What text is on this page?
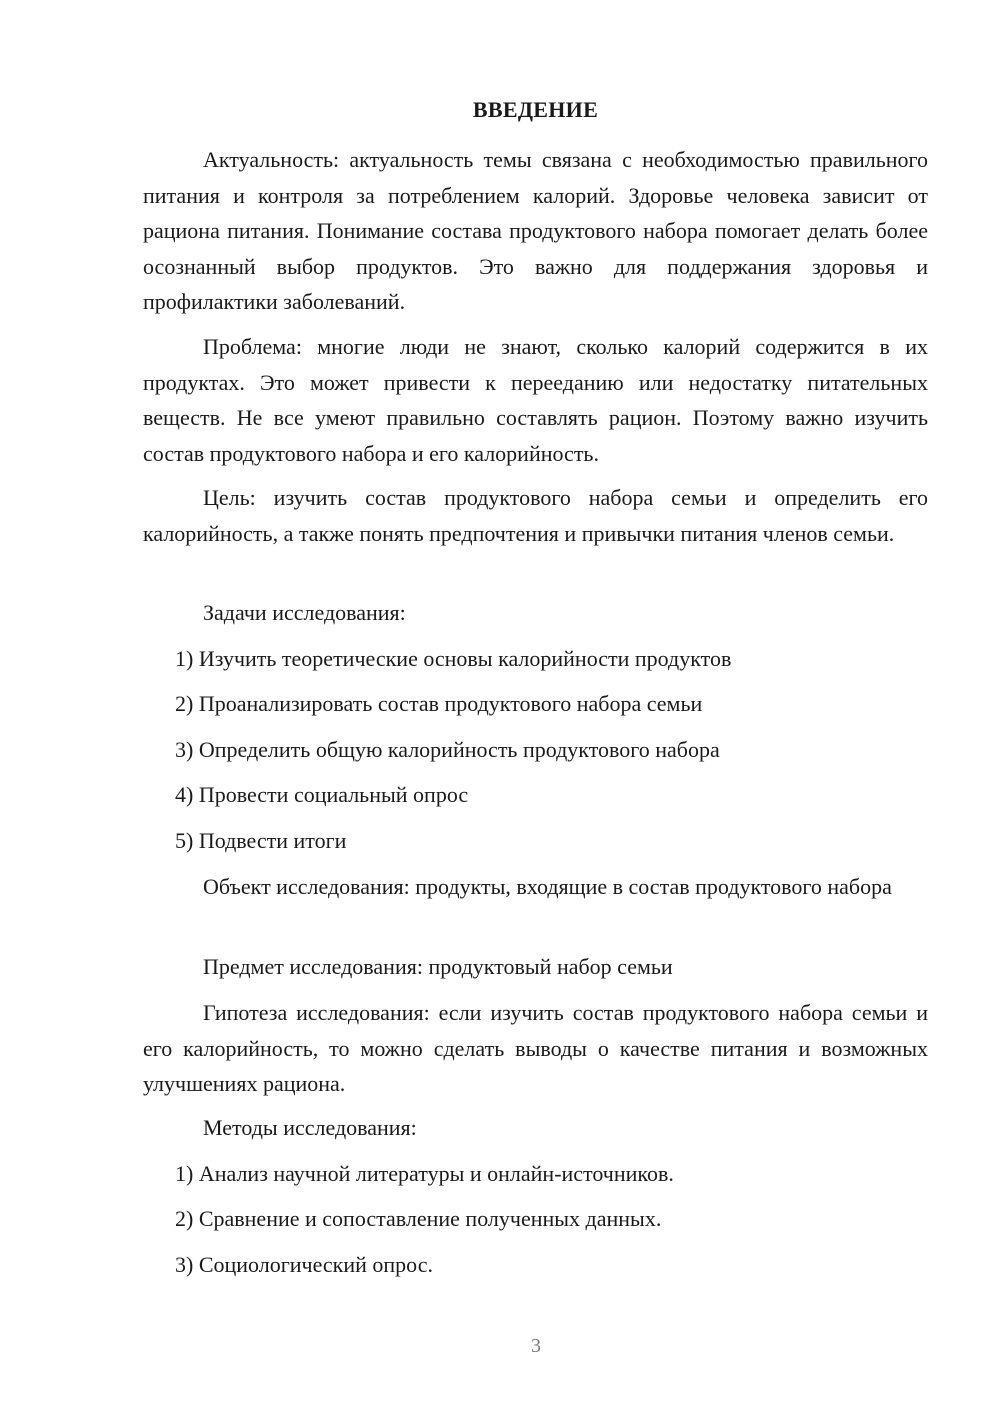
ВВЕДЕНИЕ

Актуальность: актуальность темы связана с необходимостью правильного питания и контроля за потреблением калорий. Здоровье человека зависит от рациона питания. Понимание состава продуктового набора помогает делать более осознанный выбор продуктов. Это важно для поддержания здоровья и профилактики заболеваний.

Проблема: многие люди не знают, сколько калорий содержится в их продуктах. Это может привести к перееданию или недостатку питательных веществ. Не все умеют правильно составлять рацион. Поэтому важно изучить состав продуктового набора и его калорийность.

Цель: изучить состав продуктового набора семьи и определить его калорийность, а также понять предпочтения и привычки питания членов семьи.

Задачи исследования:
1) Изучить теоретические основы калорийности продуктов
2) Проанализировать состав продуктового набора семьи
3) Определить общую калорийность продуктового набора
4) Провести социальный опрос
5) Подвести итоги

Объект исследования: продукты, входящие в состав продуктового набора

Предмет исследования: продуктовый набор семьи

Гипотеза исследования: если изучить состав продуктового набора семьи и его калорийность, то можно сделать выводы о качестве питания и возможных улучшениях рациона.

Методы исследования:
1) Анализ научной литературы и онлайн-источников.
2) Сравнение и сопоставление полученных данных.
3) Социологический опрос.
3
